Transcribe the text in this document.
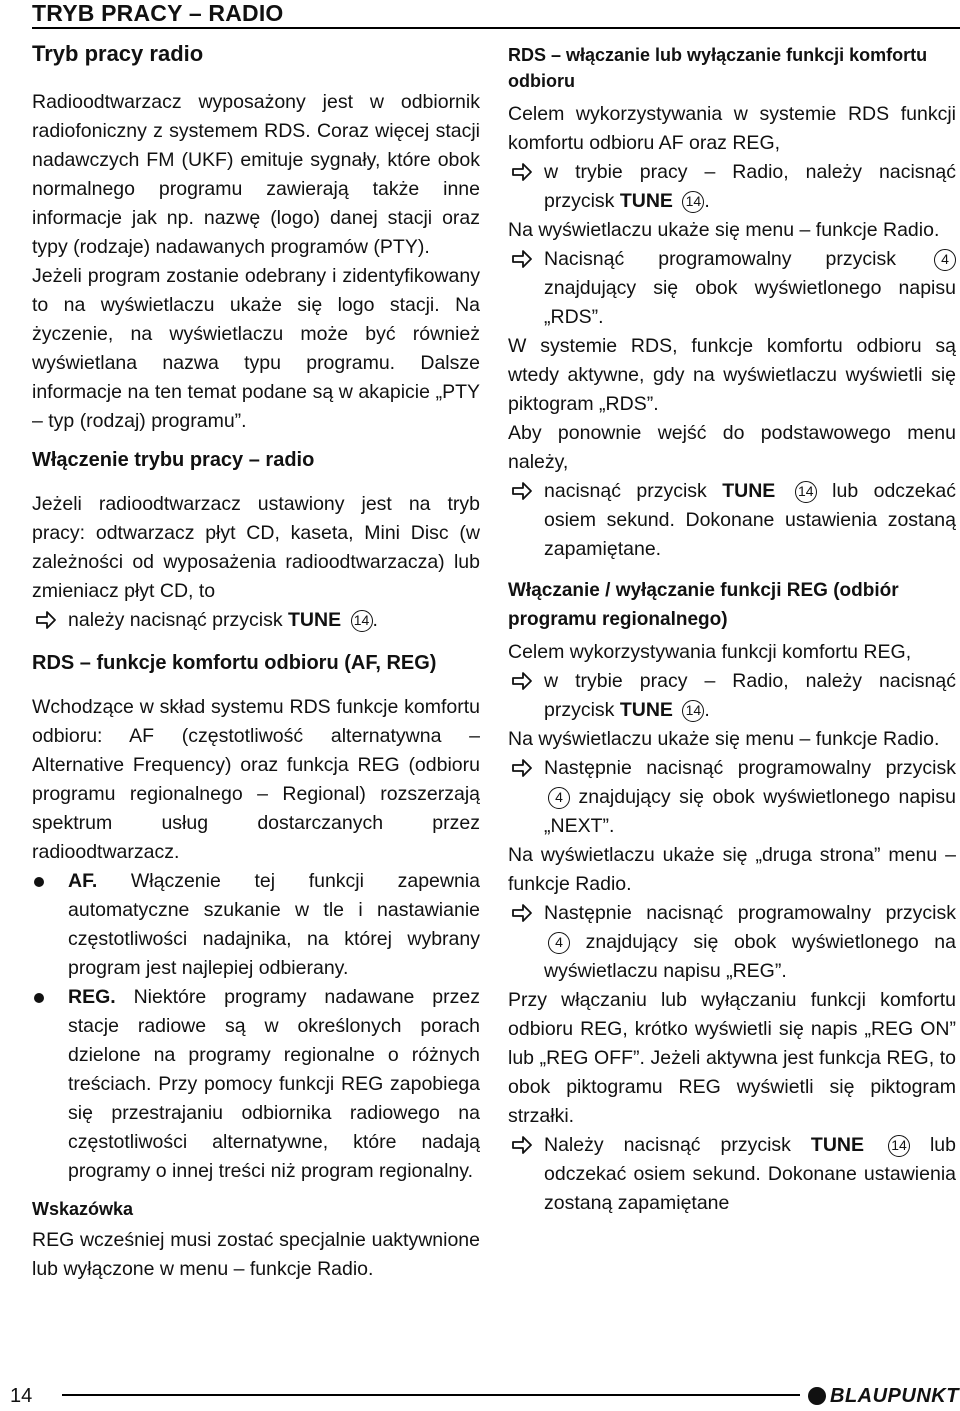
TRYB PRACY – RADIO
Tryb pracy radio

Radioodtwarzacz wyposażony jest w odbiornik radiofoniczny z systemem RDS. Coraz więcej stacji nadawczych FM (UKF) emituje sygnały, które obok normalnego programu zawierają także inne informacje jak np. nazwę (logo) danej stacji oraz typy (rodzaje) nadawanych programów (PTY).

Jeżeli program zostanie odebrany i zidentyfikowany to na wyświetlaczu ukaże się logo stacji. Na życzenie, na wyświetlaczu może być również wyświetlana nazwa typu programu. Dalsze informacje na ten temat podane są w akapicie „PTY – typ (rodzaj) programu”.

Włączenie trybu pracy – radio

Jeżeli radioodtwarzacz ustawiony jest na tryb pracy: odtwarzacz płyt CD, kaseta, Mini Disc (w zależności od wyposażenia radioodtwarzacza) lub zmieniacz płyt CD, to

należy nacisnąć przycisk TUNE 14 .
RDS – funkcje komfortu odbioru (AF, REG)

Wchodzące w skład systemu RDS funkcje komfortu odbioru: AF (częstotliwość alternatywna – Alternative Frequency) oraz funkcja REG (odbioru programu regionalnego – Regional) rozszerzają spektrum usług dostarczanych przez radioodtwarzacz.

AF. Włączenie tej funkcji zapewnia automatyczne szukanie w tle i nastawianie częstotliwości nadajnika, na której wybrany program jest najlepiej odbierany.
REG. Niektóre programy nadawane przez stacje radiowe są w określonych porach dzielone na programy regionalne o różnych treściach. Przy pomocy funkcji REG zapobiega się przestrajaniu odbiornika radiowego na częstotliwości alternatywne, które nadają programy o innej treści niż program regionalny.
Wskazówka

REG wcześniej musi zostać specjalnie uaktywnione lub wyłączone w menu – funkcje Radio.

RDS – włączanie lub wyłączanie funkcji komfortu odbioru

Celem wykorzystywania w systemie RDS funkcji komfortu odbioru AF oraz REG,

w trybie pracy – Radio, należy nacisnąć przycisk TUNE 14 .

Na wyświetlaczu ukaże się menu – funkcje Radio.

Nacisnąć programowalny przycisk 4 znajdujący się obok wyświetlonego napisu „RDS”.

W systemie RDS, funkcje komfortu odbioru są wtedy aktywne, gdy na wyświetlaczu wyświetli się piktogram „RDS”.

Aby ponownie wejść do podstawowego menu należy,

nacisnąć przycisk TUNE 14 lub odczekać osiem sekund. Dokonane ustawienia zostaną zapamiętane.
Włączanie / wyłączanie funkcji REG (odbiór programu regionalnego)

Celem wykorzystywania funkcji komfortu REG,

w trybie pracy – Radio, należy nacisnąć przycisk TUNE 14 .

Na wyświetlaczu ukaże się menu – funkcje Radio.

Następnie nacisnąć programowalny przycisk 4 znajdujący się obok wyświetlonego napisu „NEXT”.

Na wyświetlaczu ukaże się „druga strona” menu – funkcje Radio.

Następnie nacisnąć programowalny przycisk 4 znajdujący się obok wyświetlonego na wyświetlaczu napisu „REG”.

Przy włączaniu lub wyłączaniu funkcji komfortu odbioru REG, krótko wyświetli się napis „REG ON” lub „REG OFF”. Jeżeli aktywna jest funkcja REG, to obok piktogramu REG wyświetli się piktogram strzałki.

Należy nacisnąć przycisk TUNE 14 lub odczekać osiem sekund. Dokonane ustawienia zostaną zapamiętane
14	BLAUPUNKT
